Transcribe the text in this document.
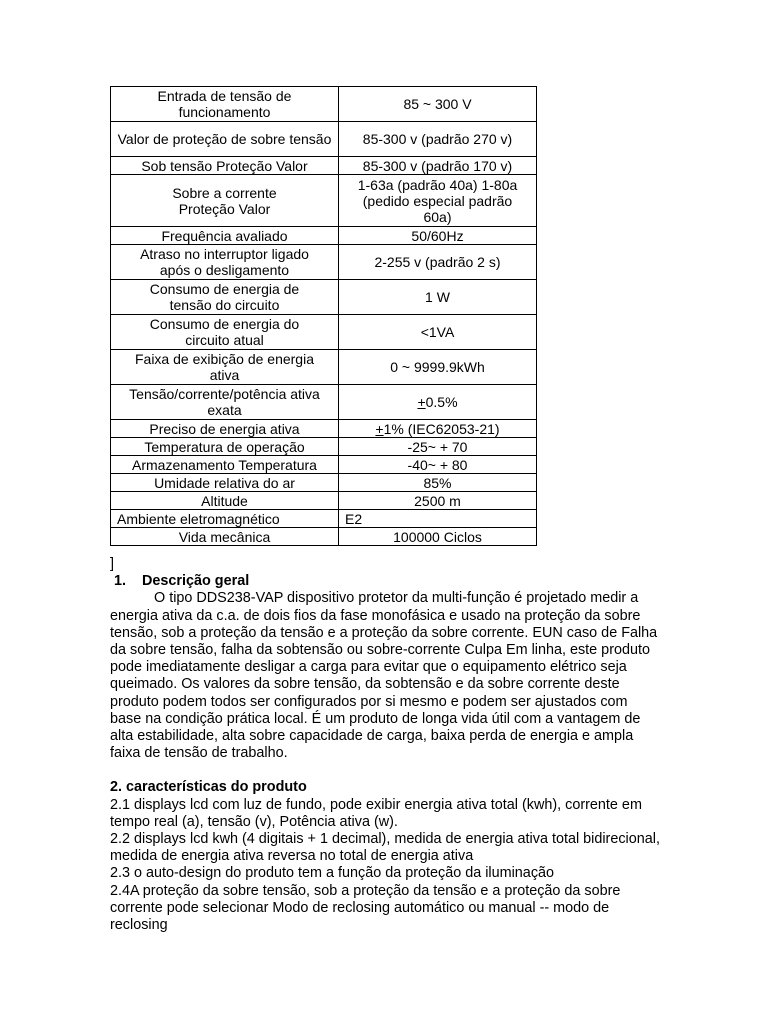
Entrada de tensão de funcionamento	85 ~ 300 V
Valor de proteção de sobre tensão	85-300 v (padrão 270 v)
Sob tensão Proteção Valor	85-300 v (padrão 170 v)
Sobre a corrente Proteção Valor	1-63a (padrão 40a) 1-80a (pedido especial padrão 60a)
Frequência avaliado	50/60Hz
Atraso no interruptor ligado após o desligamento	2-255 v (padrão 2 s)
Consumo de energia de tensão do circuito	1 W
Consumo de energia do circuito atual	<1VA
Faixa de exibição de energia ativa	0 ~ 9999.9kWh
Tensão/corrente/potência ativa exata	+0.5%
Preciso de energia ativa	+1% (IEC62053-21)
Temperatura de operação	-25~ + 70
Armazenamento Temperatura	-40~ + 80
Umidade relativa do ar	85%
Altitude	2500 m
Ambiente eletromagnético	E2
Vida mecânica	100000 Ciclos

]

1. Descrição geral

O tipo DDS238-VAP dispositivo protetor da multi-função é projetado medir a energia ativa da c.a. de dois fios da fase monofásica e usado na proteção da sobre tensão, sob a proteção da tensão e a proteção da sobre corrente. EUN caso de Falha da sobre tensão, falha da sobtensão ou sobre-corrente Culpa Em linha, este produto pode imediatamente desligar a carga para evitar que o equipamento elétrico seja queimado. Os valores da sobre tensão, da sobtensão e da sobre corrente deste produto podem todos ser configurados por si mesmo e podem ser ajustados com base na condição prática local. É um produto de longa vida útil com a vantagem de alta estabilidade, alta sobre capacidade de carga, baixa perda de energia e ampla faixa de tensão de trabalho.

2. características do produto

2.1 displays lcd com luz de fundo, pode exibir energia ativa total (kwh), corrente em tempo real (a), tensão (v), Potência ativa (w).

2.2 displays lcd kwh (4 digitais + 1 decimal), medida de energia ativa total bidirecional, medida de energia ativa reversa no total de energia ativa

2.3 o auto-design do produto tem a função da proteção da iluminação

2.4A proteção da sobre tensão, sob a proteção da tensão e a proteção da sobre corrente pode selecionar Modo de reclosing automático ou manual -- modo de reclosing
